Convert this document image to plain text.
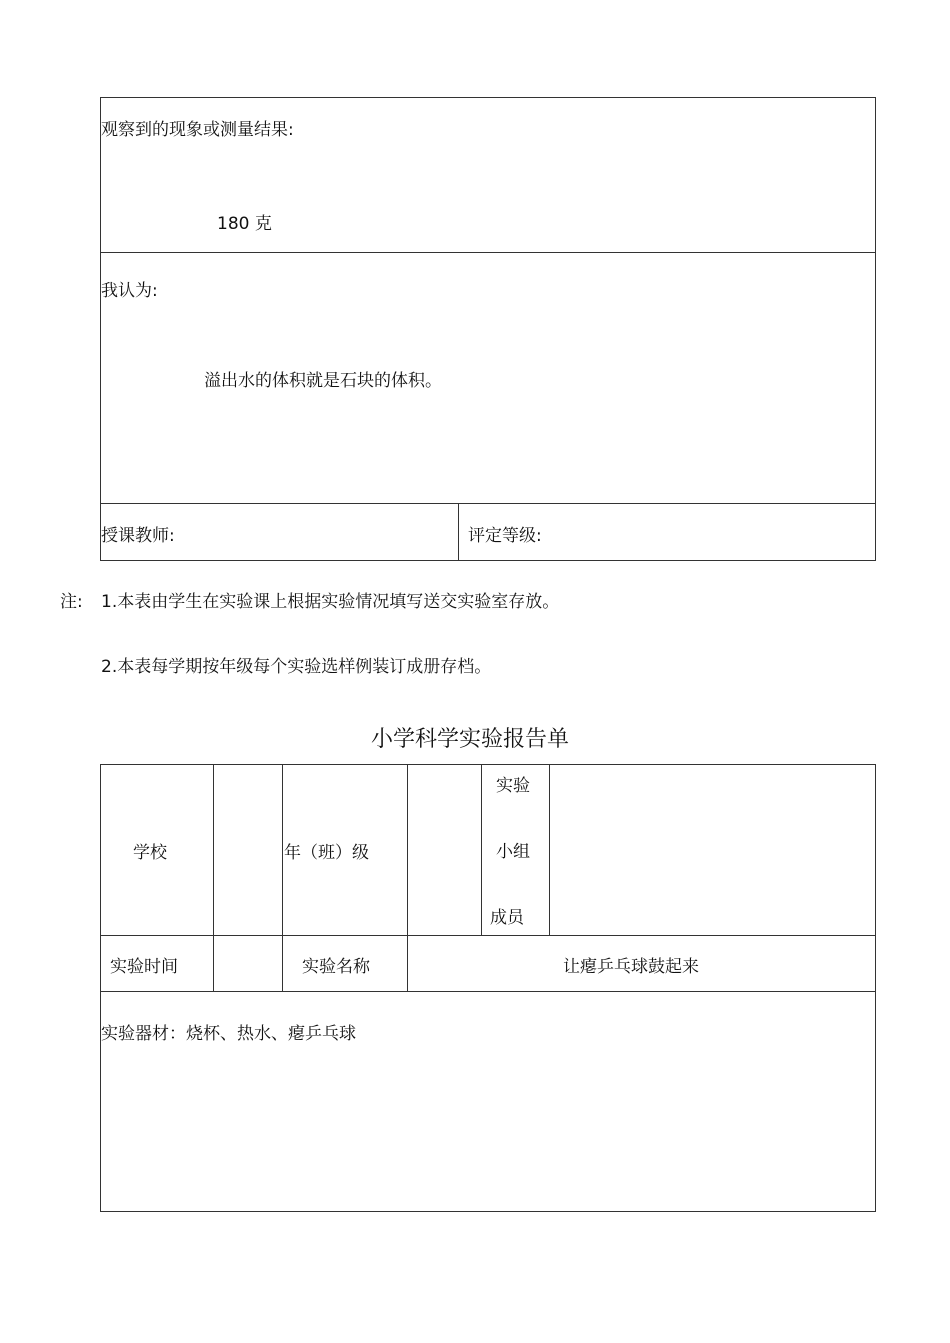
观察到的现象或测量结果:
180 克
我认为:
溢出水的体积就是石块的体积。
授课教师:	评定等级:
注: 1.本表由学生在实验课上根据实验情况填写送交实验室存放。
2.本表每学期按年级每个实验选样例装订成册存档。
小学科学实验报告单
学校	年（班）级
实验
小组
成员
实验时间	实验名称	让瘪乒乓球鼓起来
实验器材：烧杯、热水、瘪乒乓球
